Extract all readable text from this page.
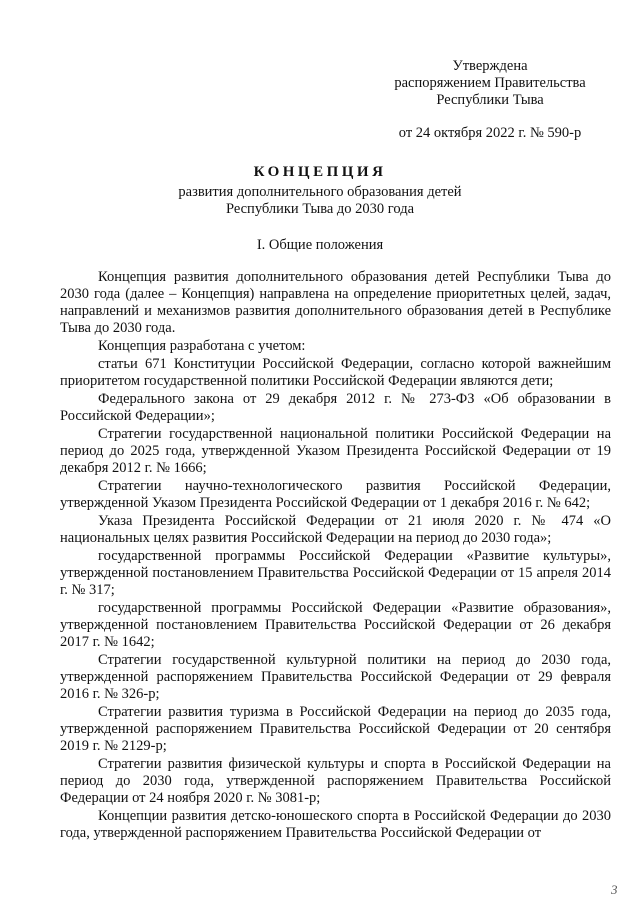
Утверждена
распоряжением Правительства
Республики Тыва
от 24 октября 2022 г. № 590-р
КОНЦЕПЦИЯ
развития дополнительного образования детей
Республики Тыва до 2030 года
I. Общие положения

Концепция развития дополнительного образования детей Республики Тыва до 2030 года (далее – Концепция) направлена на определение приоритетных целей, задач, направлений и механизмов развития дополнительного образования детей в Республике Тыва до 2030 года.

Концепция разработана с учетом:

статьи 671 Конституции Российской Федерации, согласно которой важнейшим приоритетом государственной политики Российской Федерации являются дети;

Федерального закона от 29 декабря 2012 г. № 273-ФЗ «Об образовании в Российской Федерации»;

Стратегии государственной национальной политики Российской Федерации на период до 2025 года, утвержденной Указом Президента Российской Федерации от 19 декабря 2012 г. № 1666;

Стратегии научно-технологического развития Российской Федерации, утвержденной Указом Президента Российской Федерации от 1 декабря 2016 г. № 642;

Указа Президента Российской Федерации от 21 июля 2020 г. № 474 «О национальных целях развития Российской Федерации на период до 2030 года»;

государственной программы Российской Федерации «Развитие культуры», утвержденной постановлением Правительства Российской Федерации от 15 апреля 2014 г. № 317;

государственной программы Российской Федерации «Развитие образования», утвержденной постановлением Правительства Российской Федерации от 26 декабря 2017 г. № 1642;

Стратегии государственной культурной политики на период до 2030 года, утвержденной распоряжением Правительства Российской Федерации от 29 февраля 2016 г. № 326-р;

Стратегии развития туризма в Российской Федерации на период до 2035 года, утвержденной распоряжением Правительства Российской Федерации от 20 сентября 2019 г. № 2129-р;

Стратегии развития физической культуры и спорта в Российской Федерации на период до 2030 года, утвержденной распоряжением Правительства Российской Федерации от 24 ноября 2020 г. № 3081-р;

Концепции развития детско-юношеского спорта в Российской Федерации до 2030 года, утвержденной распоряжением Правительства Российской Федерации от

3
